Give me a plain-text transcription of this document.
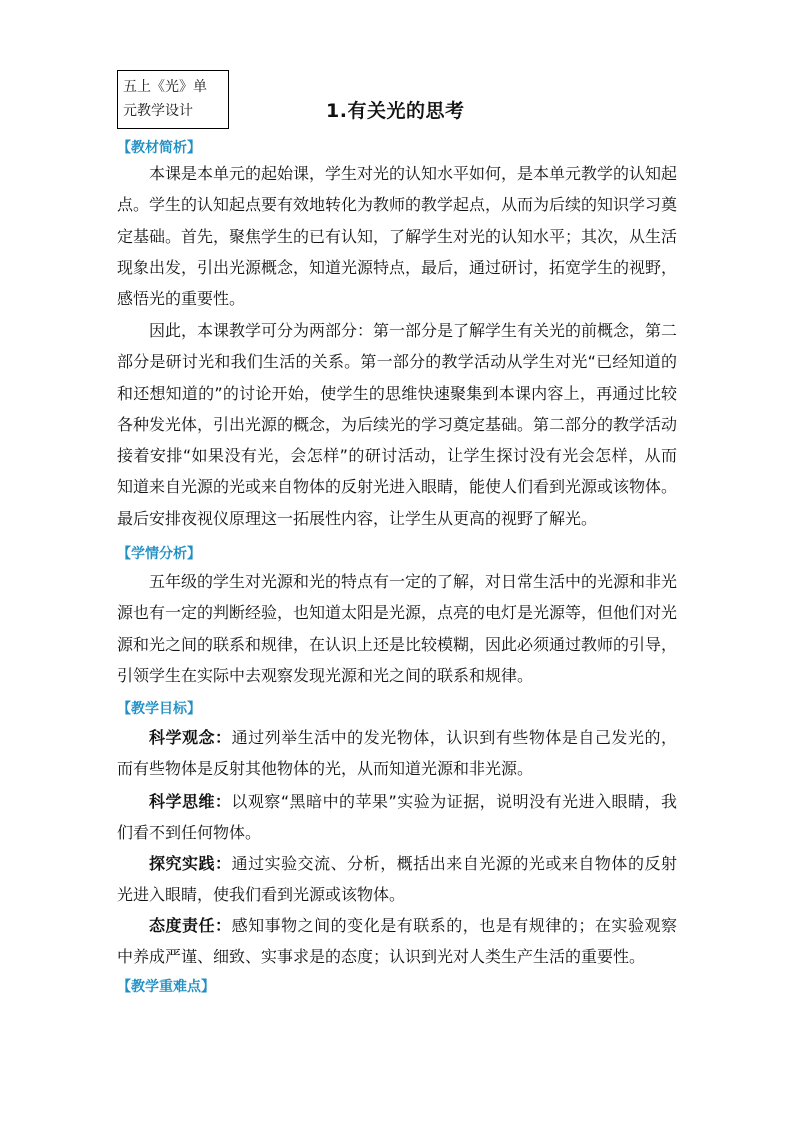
五上《光》单
元教学设计	1.有关光的思考
【教材简析】

本课是本单元的起始课，学生对光的认知水平如何，是本单元教学的认知起点。学生的认知起点要有效地转化为教师的教学起点，从而为后续的知识学习奠定基础。首先，聚焦学生的已有认知，了解学生对光的认知水平；其次，从生活现象出发，引出光源概念，知道光源特点，最后，通过研讨，拓宽学生的视野，感悟光的重要性。

因此，本课教学可分为两部分：第一部分是了解学生有关光的前概念，第二部分是研讨光和我们生活的关系。第一部分的教学活动从学生对光“已经知道的和还想知道的”的讨论开始，使学生的思维快速聚集到本课内容上，再通过比较各种发光体，引出光源的概念，为后续光的学习奠定基础。第二部分的教学活动接着安排“如果没有光，会怎样”的研讨活动，让学生探讨没有光会怎样，从而知道来自光源的光或来自物体的反射光进入眼睛，能使人们看到光源或该物体。最后安排夜视仪原理这一拓展性内容，让学生从更高的视野了解光。

【学情分析】

五年级的学生对光源和光的特点有一定的了解，对日常生活中的光源和非光源也有一定的判断经验，也知道太阳是光源，点亮的电灯是光源等，但他们对光源和光之间的联系和规律，在认识上还是比较模糊，因此必须通过教师的引导，引领学生在实际中去观察发现光源和光之间的联系和规律。

【教学目标】

科学观念：通过列举生活中的发光物体，认识到有些物体是自己发光的，而有些物体是反射其他物体的光，从而知道光源和非光源。

科学思维：以观察“黑暗中的苹果”实验为证据，说明没有光进入眼睛，我们看不到任何物体。

探究实践：通过实验交流、分析，概括出来自光源的光或来自物体的反射光进入眼睛，使我们看到光源或该物体。

态度责任：感知事物之间的变化是有联系的，也是有规律的；在实验观察中养成严谨、细致、实事求是的态度；认识到光对人类生产生活的重要性。

【教学重难点】
